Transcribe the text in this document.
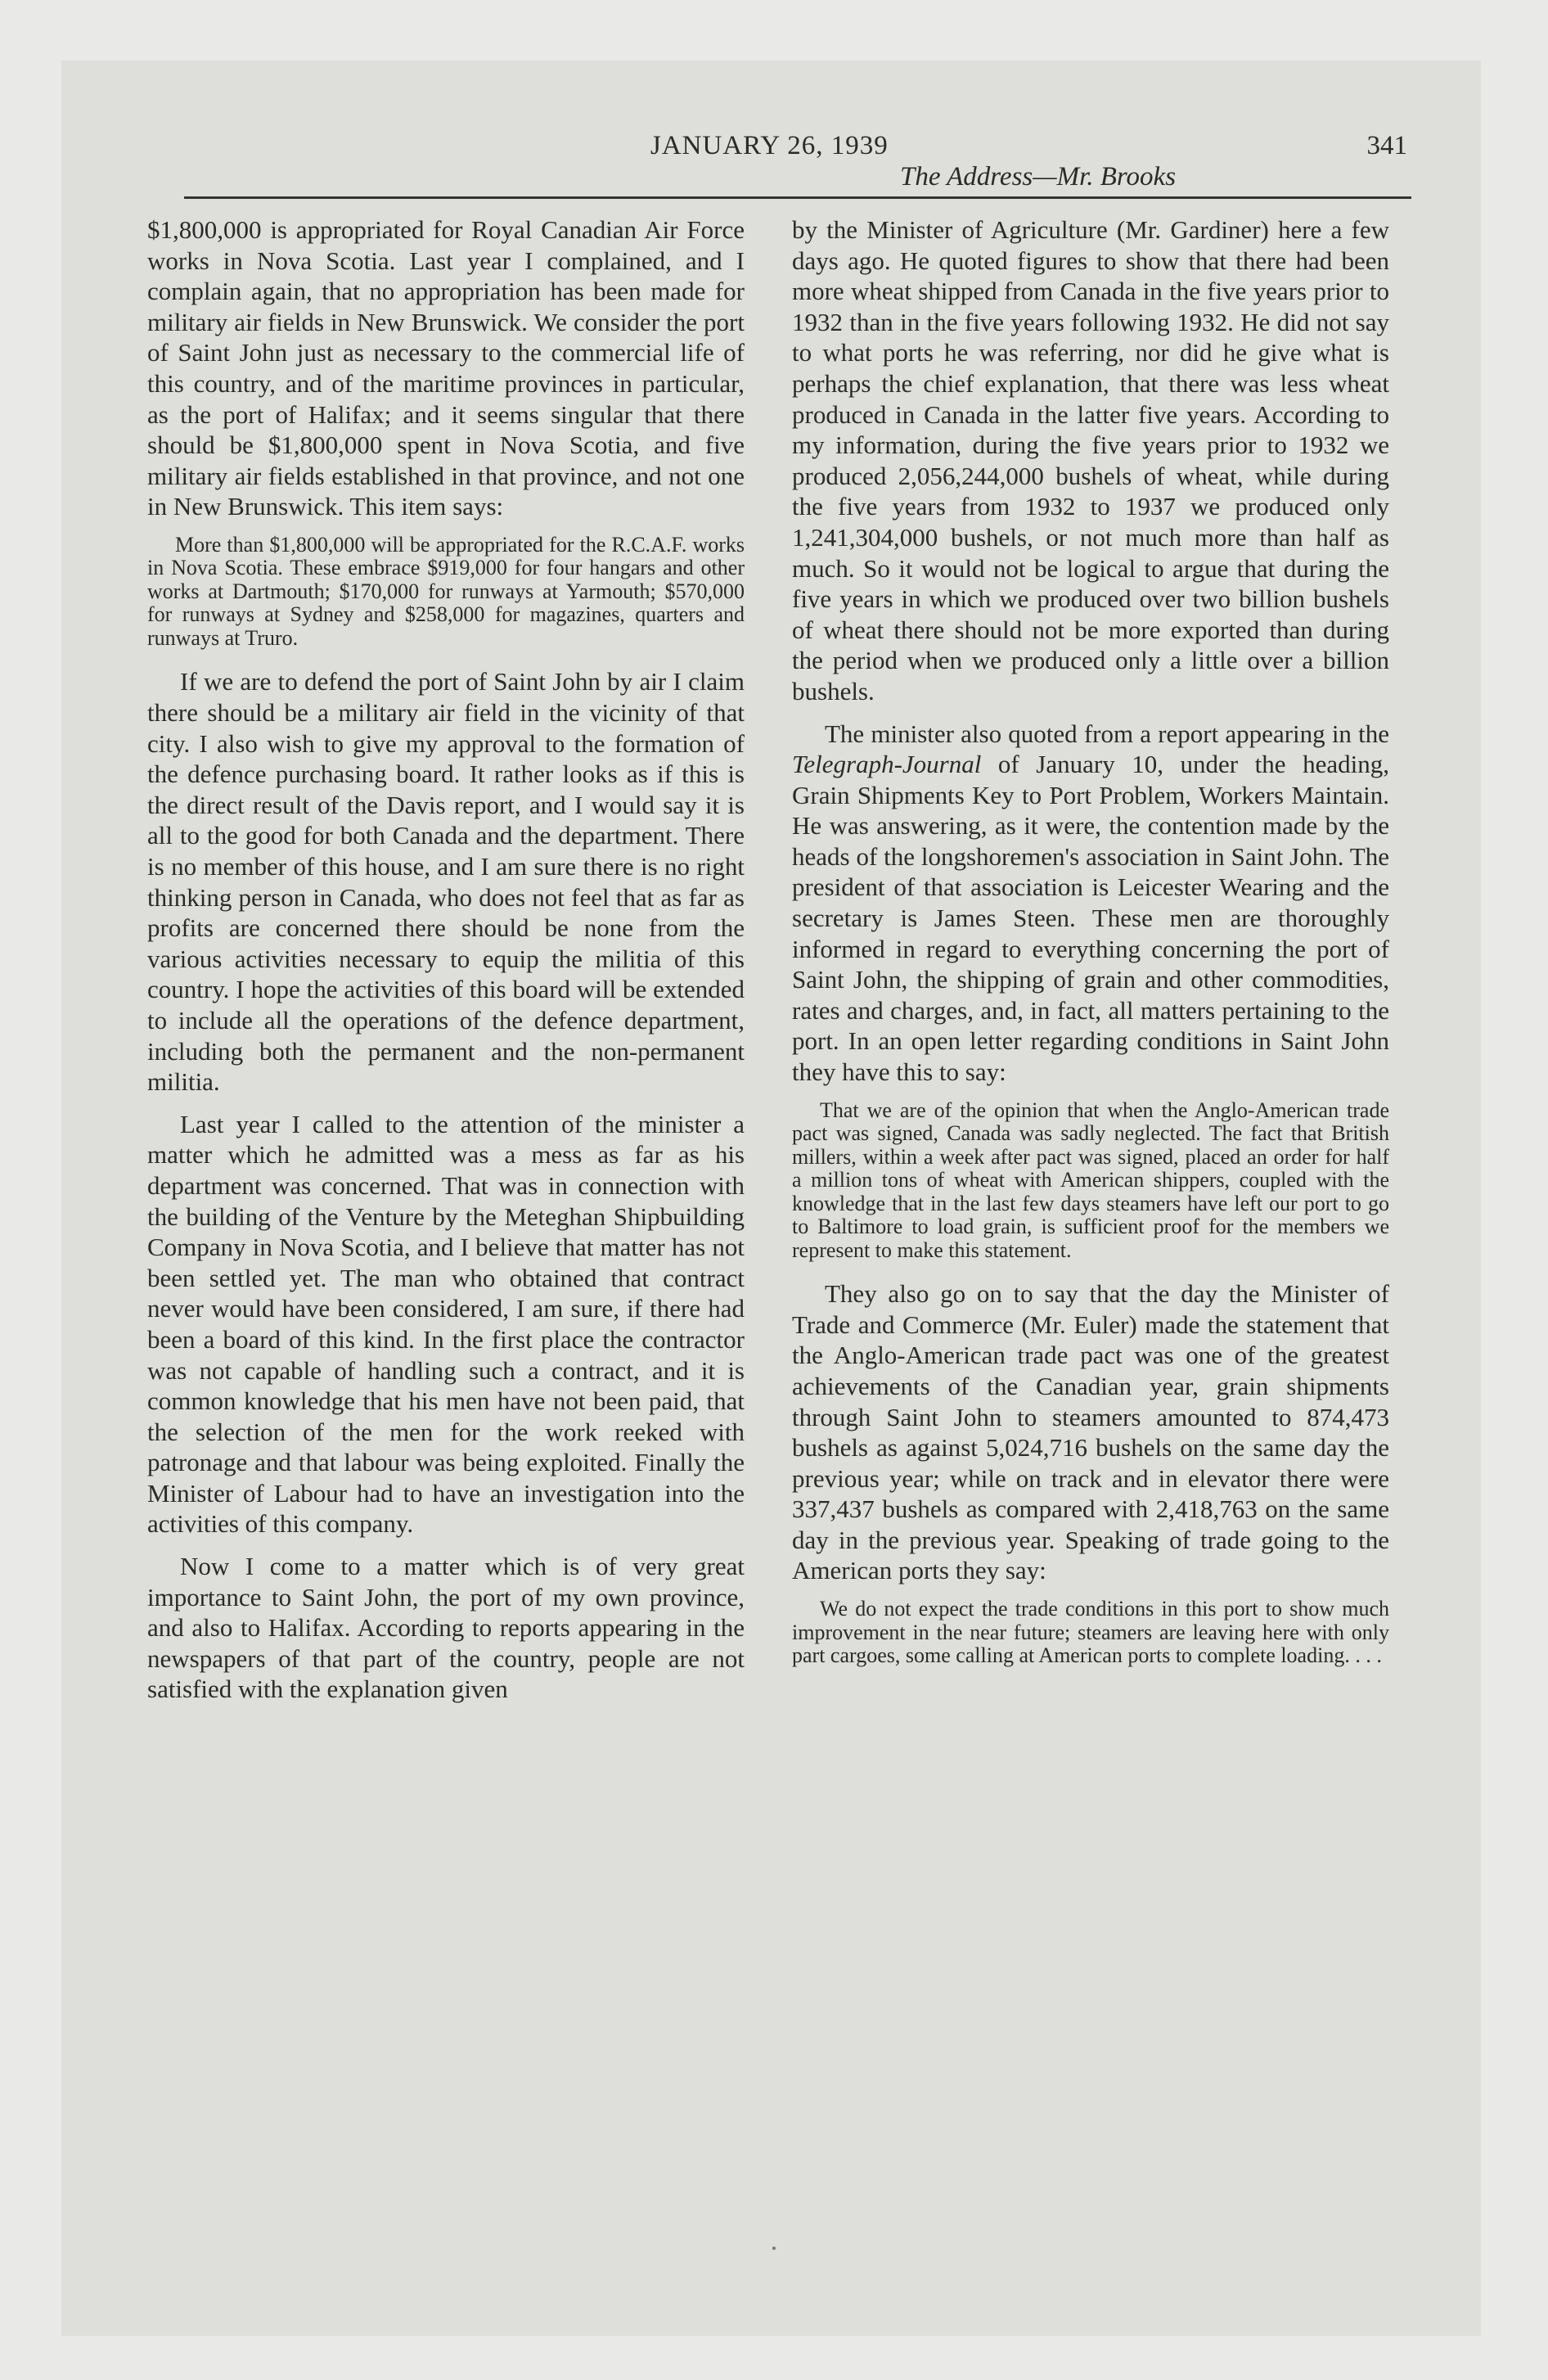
JANUARY 26, 1939	341
The Address—Mr. Brooks

$1,800,000 is appropriated for Royal Canadian Air Force works in Nova Scotia. Last year I complained, and I complain again, that no appropriation has been made for military air fields in New Brunswick. We consider the port of Saint John just as necessary to the commercial life of this country, and of the maritime provinces in particular, as the port of Halifax; and it seems singular that there should be $1,800,000 spent in Nova Scotia, and five military air fields established in that province, and not one in New Brunswick. This item says:

More than $1,800,000 will be appropriated for the R.C.A.F. works in Nova Scotia. These embrace $919,000 for four hangars and other works at Dartmouth; $170,000 for runways at Yarmouth; $570,000 for runways at Sydney and $258,000 for magazines, quarters and runways at Truro.

If we are to defend the port of Saint John by air I claim there should be a military air field in the vicinity of that city. I also wish to give my approval to the formation of the defence purchasing board. It rather looks as if this is the direct result of the Davis report, and I would say it is all to the good for both Canada and the department. There is no member of this house, and I am sure there is no right thinking person in Canada, who does not feel that as far as profits are concerned there should be none from the various activities necessary to equip the militia of this country. I hope the activities of this board will be extended to include all the operations of the defence department, including both the permanent and the non-permanent militia.

Last year I called to the attention of the minister a matter which he admitted was a mess as far as his department was concerned. That was in connection with the building of the Venture by the Meteghan Shipbuilding Company in Nova Scotia, and I believe that matter has not been settled yet. The man who obtained that contract never would have been considered, I am sure, if there had been a board of this kind. In the first place the contractor was not capable of handling such a contract, and it is common knowledge that his men have not been paid, that the selection of the men for the work reeked with patronage and that labour was being exploited. Finally the Minister of Labour had to have an investigation into the activities of this company.

Now I come to a matter which is of very great importance to Saint John, the port of my own province, and also to Halifax. According to reports appearing in the newspapers of that part of the country, people are not satisfied with the explanation given

by the Minister of Agriculture (Mr. Gardiner) here a few days ago. He quoted figures to show that there had been more wheat shipped from Canada in the five years prior to 1932 than in the five years following 1932. He did not say to what ports he was referring, nor did he give what is perhaps the chief explanation, that there was less wheat produced in Canada in the latter five years. According to my information, during the five years prior to 1932 we produced 2,056,244,000 bushels of wheat, while during the five years from 1932 to 1937 we produced only 1,241,304,000 bushels, or not much more than half as much. So it would not be logical to argue that during the five years in which we produced over two billion bushels of wheat there should not be more exported than during the period when we produced only a little over a billion bushels.

The minister also quoted from a report appearing in the Telegraph-Journal of January 10, under the heading, Grain Shipments Key to Port Problem, Workers Maintain. He was answering, as it were, the contention made by the heads of the longshoremen's association in Saint John. The president of that association is Leicester Wearing and the secretary is James Steen. These men are thoroughly informed in regard to everything concerning the port of Saint John, the shipping of grain and other commodities, rates and charges, and, in fact, all matters pertaining to the port. In an open letter regarding conditions in Saint John they have this to say:

That we are of the opinion that when the Anglo-American trade pact was signed, Canada was sadly neglected. The fact that British millers, within a week after pact was signed, placed an order for half a million tons of wheat with American shippers, coupled with the knowledge that in the last few days steamers have left our port to go to Baltimore to load grain, is sufficient proof for the members we represent to make this statement.

They also go on to say that the day the Minister of Trade and Commerce (Mr. Euler) made the statement that the Anglo-American trade pact was one of the greatest achievements of the Canadian year, grain shipments through Saint John to steamers amounted to 874,473 bushels as against 5,024,716 bushels on the same day the previous year; while on track and in elevator there were 337,437 bushels as compared with 2,418,763 on the same day in the previous year. Speaking of trade going to the American ports they say:

We do not expect the trade conditions in this port to show much improvement in the near future; steamers are leaving here with only part cargoes, some calling at American ports to complete loading. . . .
